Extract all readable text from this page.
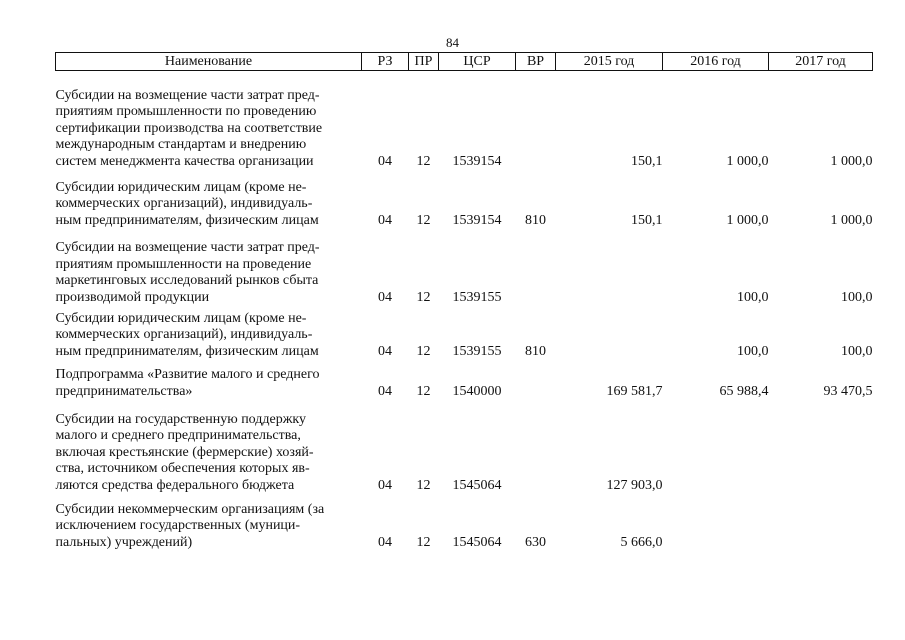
84
Наименование	РЗ	ПР	ЦСР	ВР	2015 год	2016 год	2017 год

Субсидии на возмещение части затрат пред-
приятиям промышленности по проведению
сертификации производства на соответствие
международным стандартам и внедрению
систем менеджмента качества организации	04	12	1539154		150,1	1 000,0	1 000,0

Субсидии юридическим лицам (кроме не-
коммерческих организаций), индивидуаль-
ным предпринимателям, физическим лицам	04	12	1539154	810	150,1	1 000,0	1 000,0

Субсидии на возмещение части затрат пред-
приятиям промышленности на проведение
маркетинговых исследований рынков сбыта
производимой продукции	04	12	1539155			100,0	100,0

Субсидии юридическим лицам (кроме не-
коммерческих организаций), индивидуаль-
ным предпринимателям, физическим лицам	04	12	1539155	810		100,0	100,0

Подпрограмма «Развитие малого и среднего
предпринимательства»	04	12	1540000		169 581,7	65 988,4	93 470,5

Субсидии на государственную поддержку
малого и среднего предпринимательства,
включая крестьянские (фермерские) хозяй-
ства, источником обеспечения которых яв-
ляются средства федерального бюджета	04	12	1545064		127 903,0		

Субсидии некоммерческим организациям (за
исключением государственных (муници-
пальных) учреждений)	04	12	1545064	630	5 666,0		
